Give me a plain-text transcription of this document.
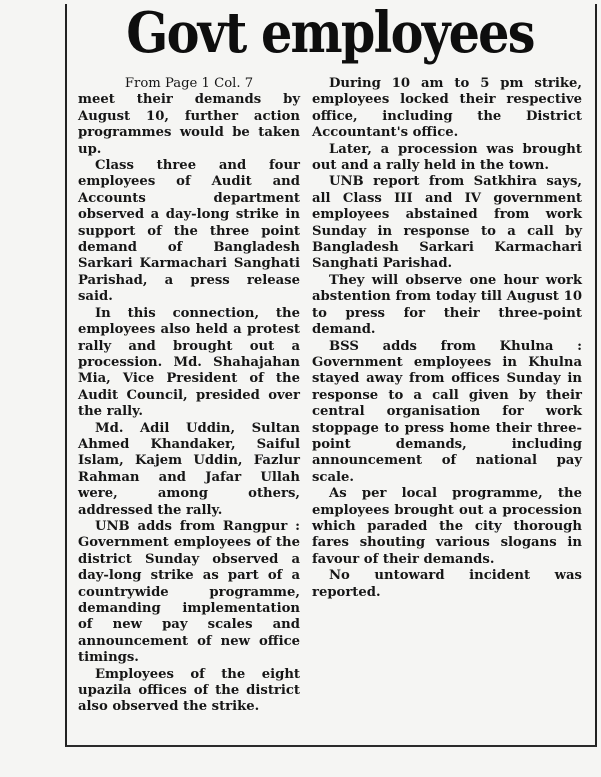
Govt employees
From Page 1 Col. 7

meet their demands by August 10, further action programmes would be taken up.

Class three and four employees of Audit and Accounts department observed a day-long strike in support of the three point demand of Bangladesh Sarkari Karmachari Sanghati Parishad, a press release said.

In this connection, the employees also held a protest rally and brought out a procession. Md. Shahajahan Mia, Vice President of the Audit Council, presided over the rally.

Md. Adil Uddin, Sultan Ahmed Khandaker, Saiful Islam, Kajem Uddin, Fazlur Rahman and Jafar Ullah were, among others, addressed the rally.

UNB adds from Rangpur : Government employees of the district Sunday observed a day-long strike as part of a countrywide programme, demanding implementation of new pay scales and announcement of new office timings.

Employees of the eight upazila offices of the district also observed the strike.

During 10 am to 5 pm strike, employees locked their respective office, including the District Accountant's office.

Later, a procession was brought out and a rally held in the town.

UNB report from Satkhira says, all Class III and IV government employees abstained from work Sunday in response to a call by Bangladesh Sarkari Karmachari Sanghati Parishad.

They will observe one hour work abstention from today till August 10 to press for their three-point demand.

BSS adds from Khulna : Government employees in Khulna stayed away from offices Sunday in response to a call given by their central organisation for work stoppage to press home their three-point demands, including announcement of national pay scale.

As per local programme, the employees brought out a procession which paraded the city thorough fares shouting various slogans in favour of their demands.

No untoward incident was reported.
